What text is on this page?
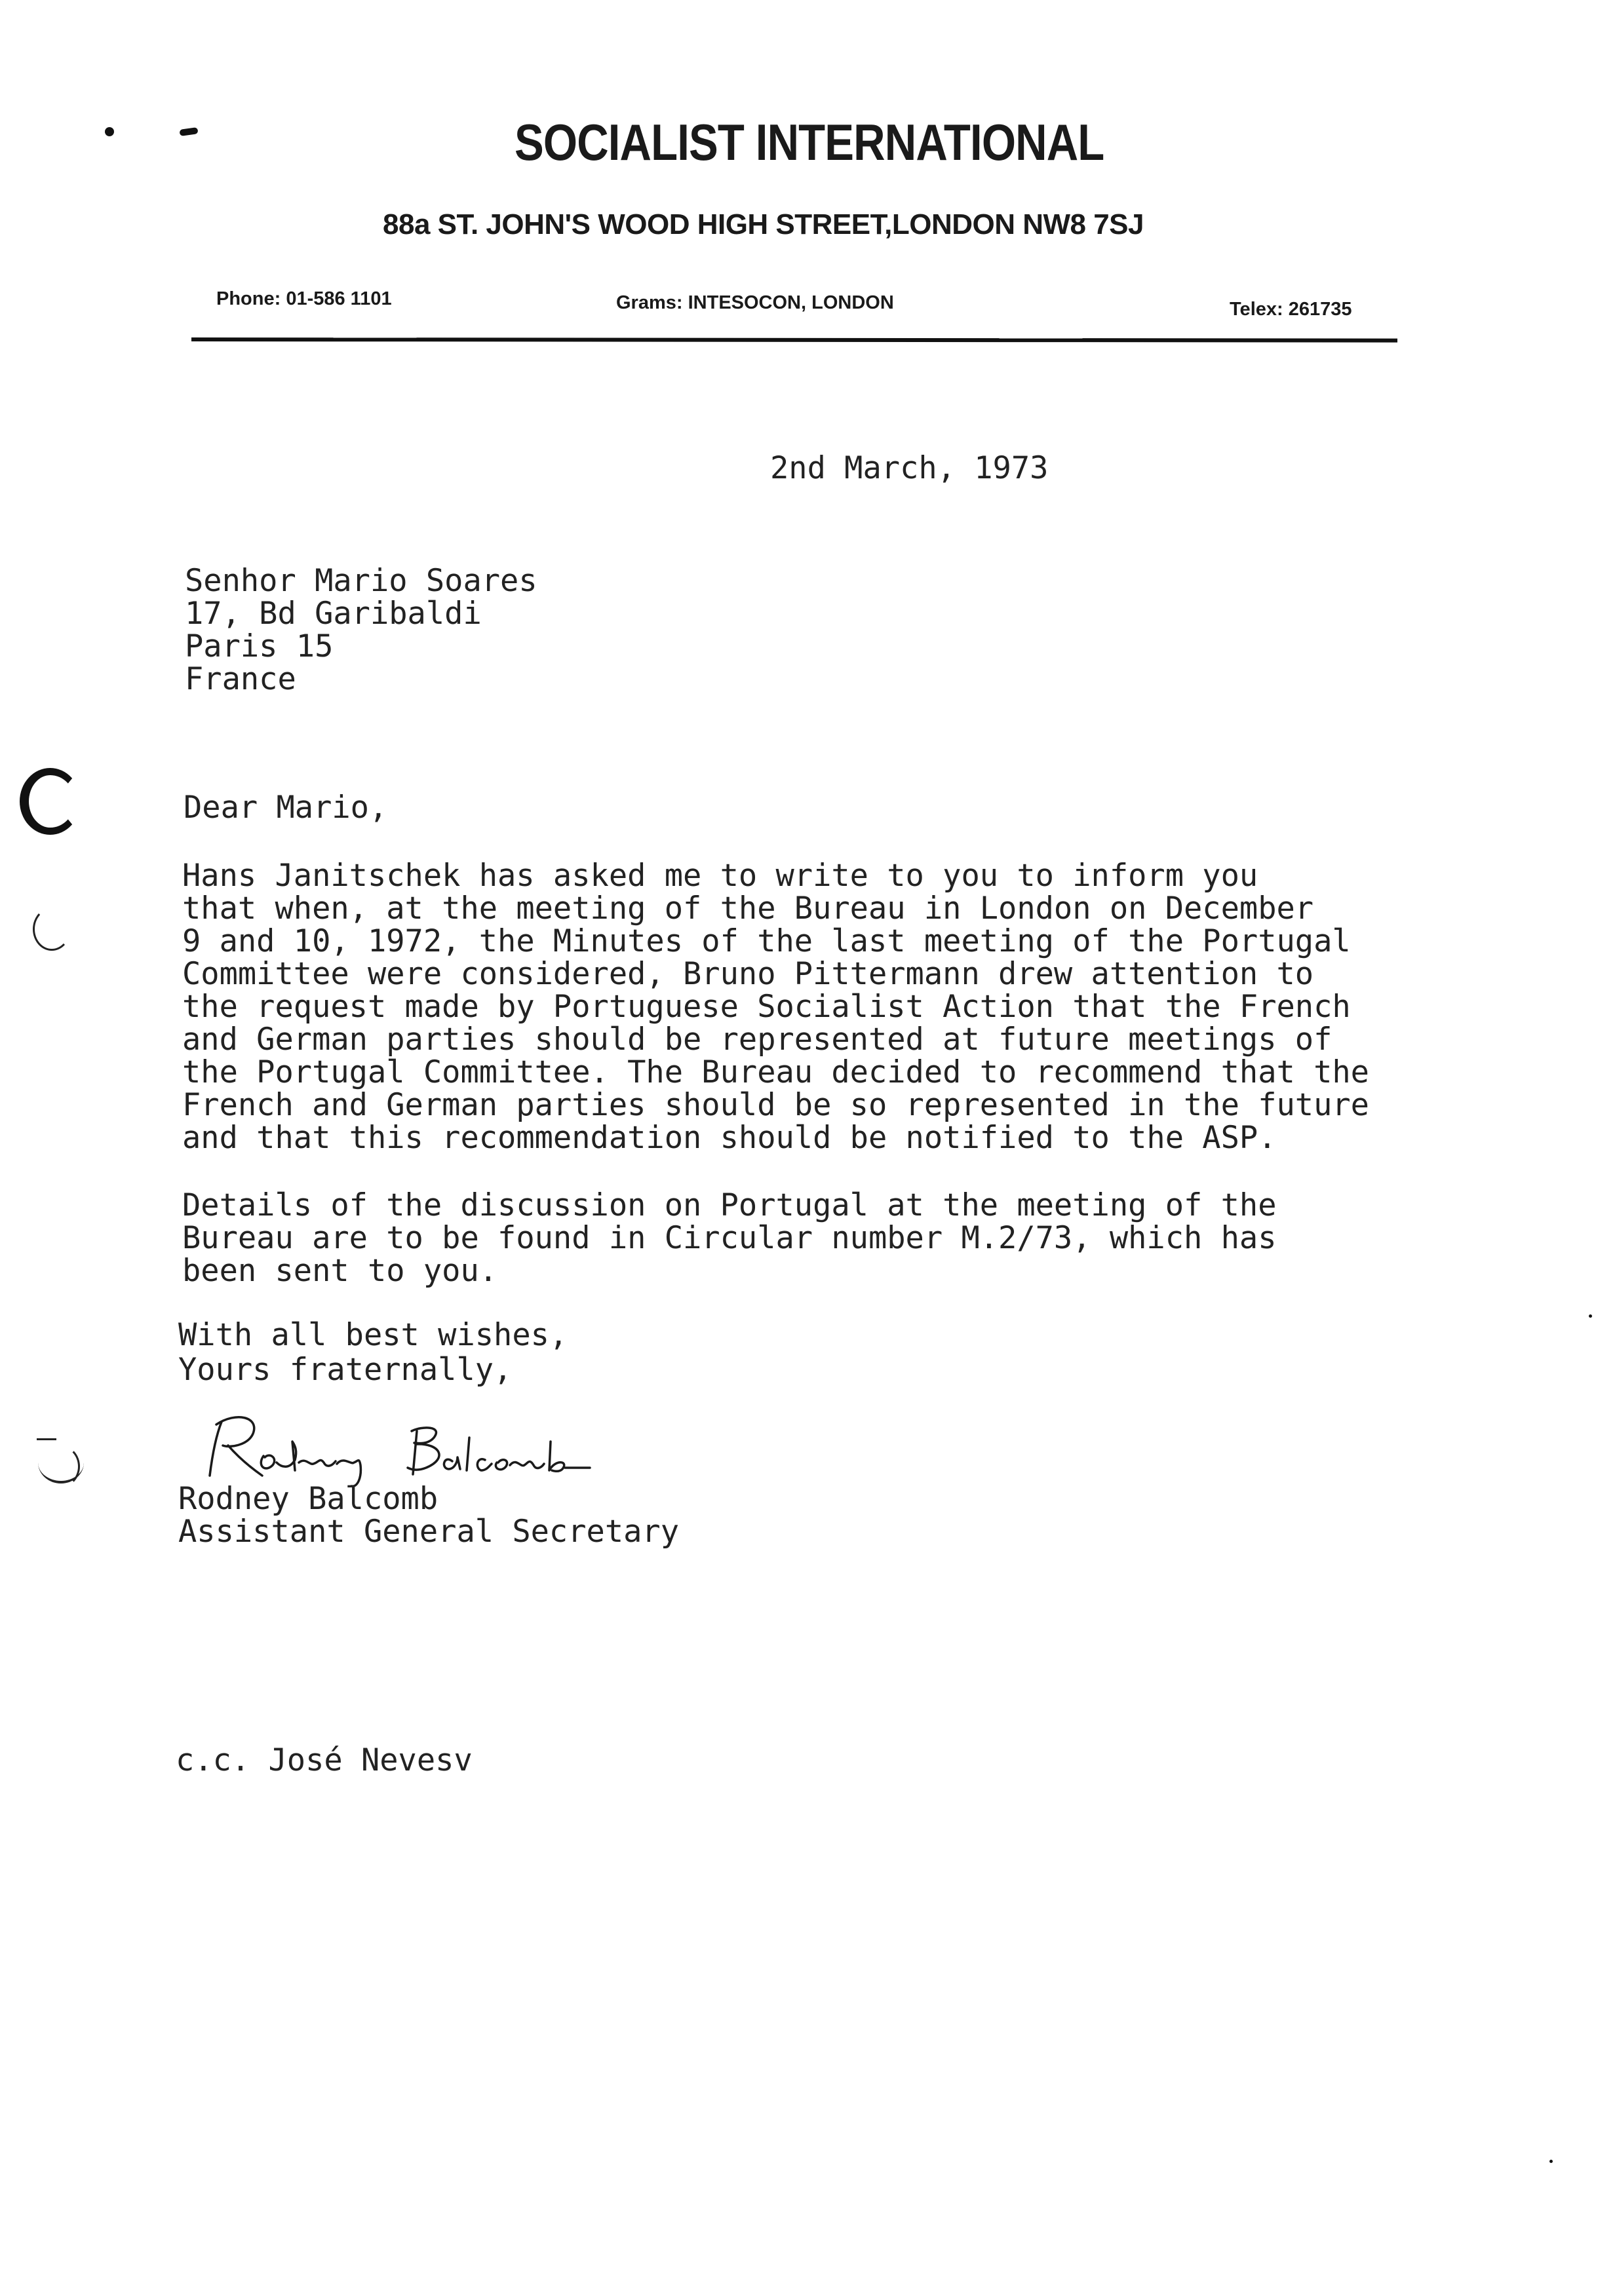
SOCIALIST INTERNATIONAL
88a ST. JOHN'S WOOD HIGH STREET,LONDON NW8 7SJ
Phone: 01-586 1101	Grams: INTESOCON, LONDON	Telex: 261735
2nd March, 1973
Senhor Mario Soares
17, Bd Garibaldi
Paris 15
France
Dear Mario,
Hans Janitschek has asked me to write to you to inform you
that when, at the meeting of the Bureau in London on December
9 and 10, 1972, the Minutes of the last meeting of the Portugal
Committee were considered, Bruno Pittermann drew attention to
the request made by Portuguese Socialist Action that the French
and German parties should be represented at future meetings of
the Portugal Committee. The Bureau decided to recommend that the
French and German parties should be so represented in the future
and that this recommendation should be notified to the ASP.
Details of the discussion on Portugal at the meeting of the
Bureau are to be found in Circular number M.2/73, which has
been sent to you.
With all best wishes,
Yours fraternally,
Rodney Balcomb
Assistant General Secretary
c.c. José Nevesv
